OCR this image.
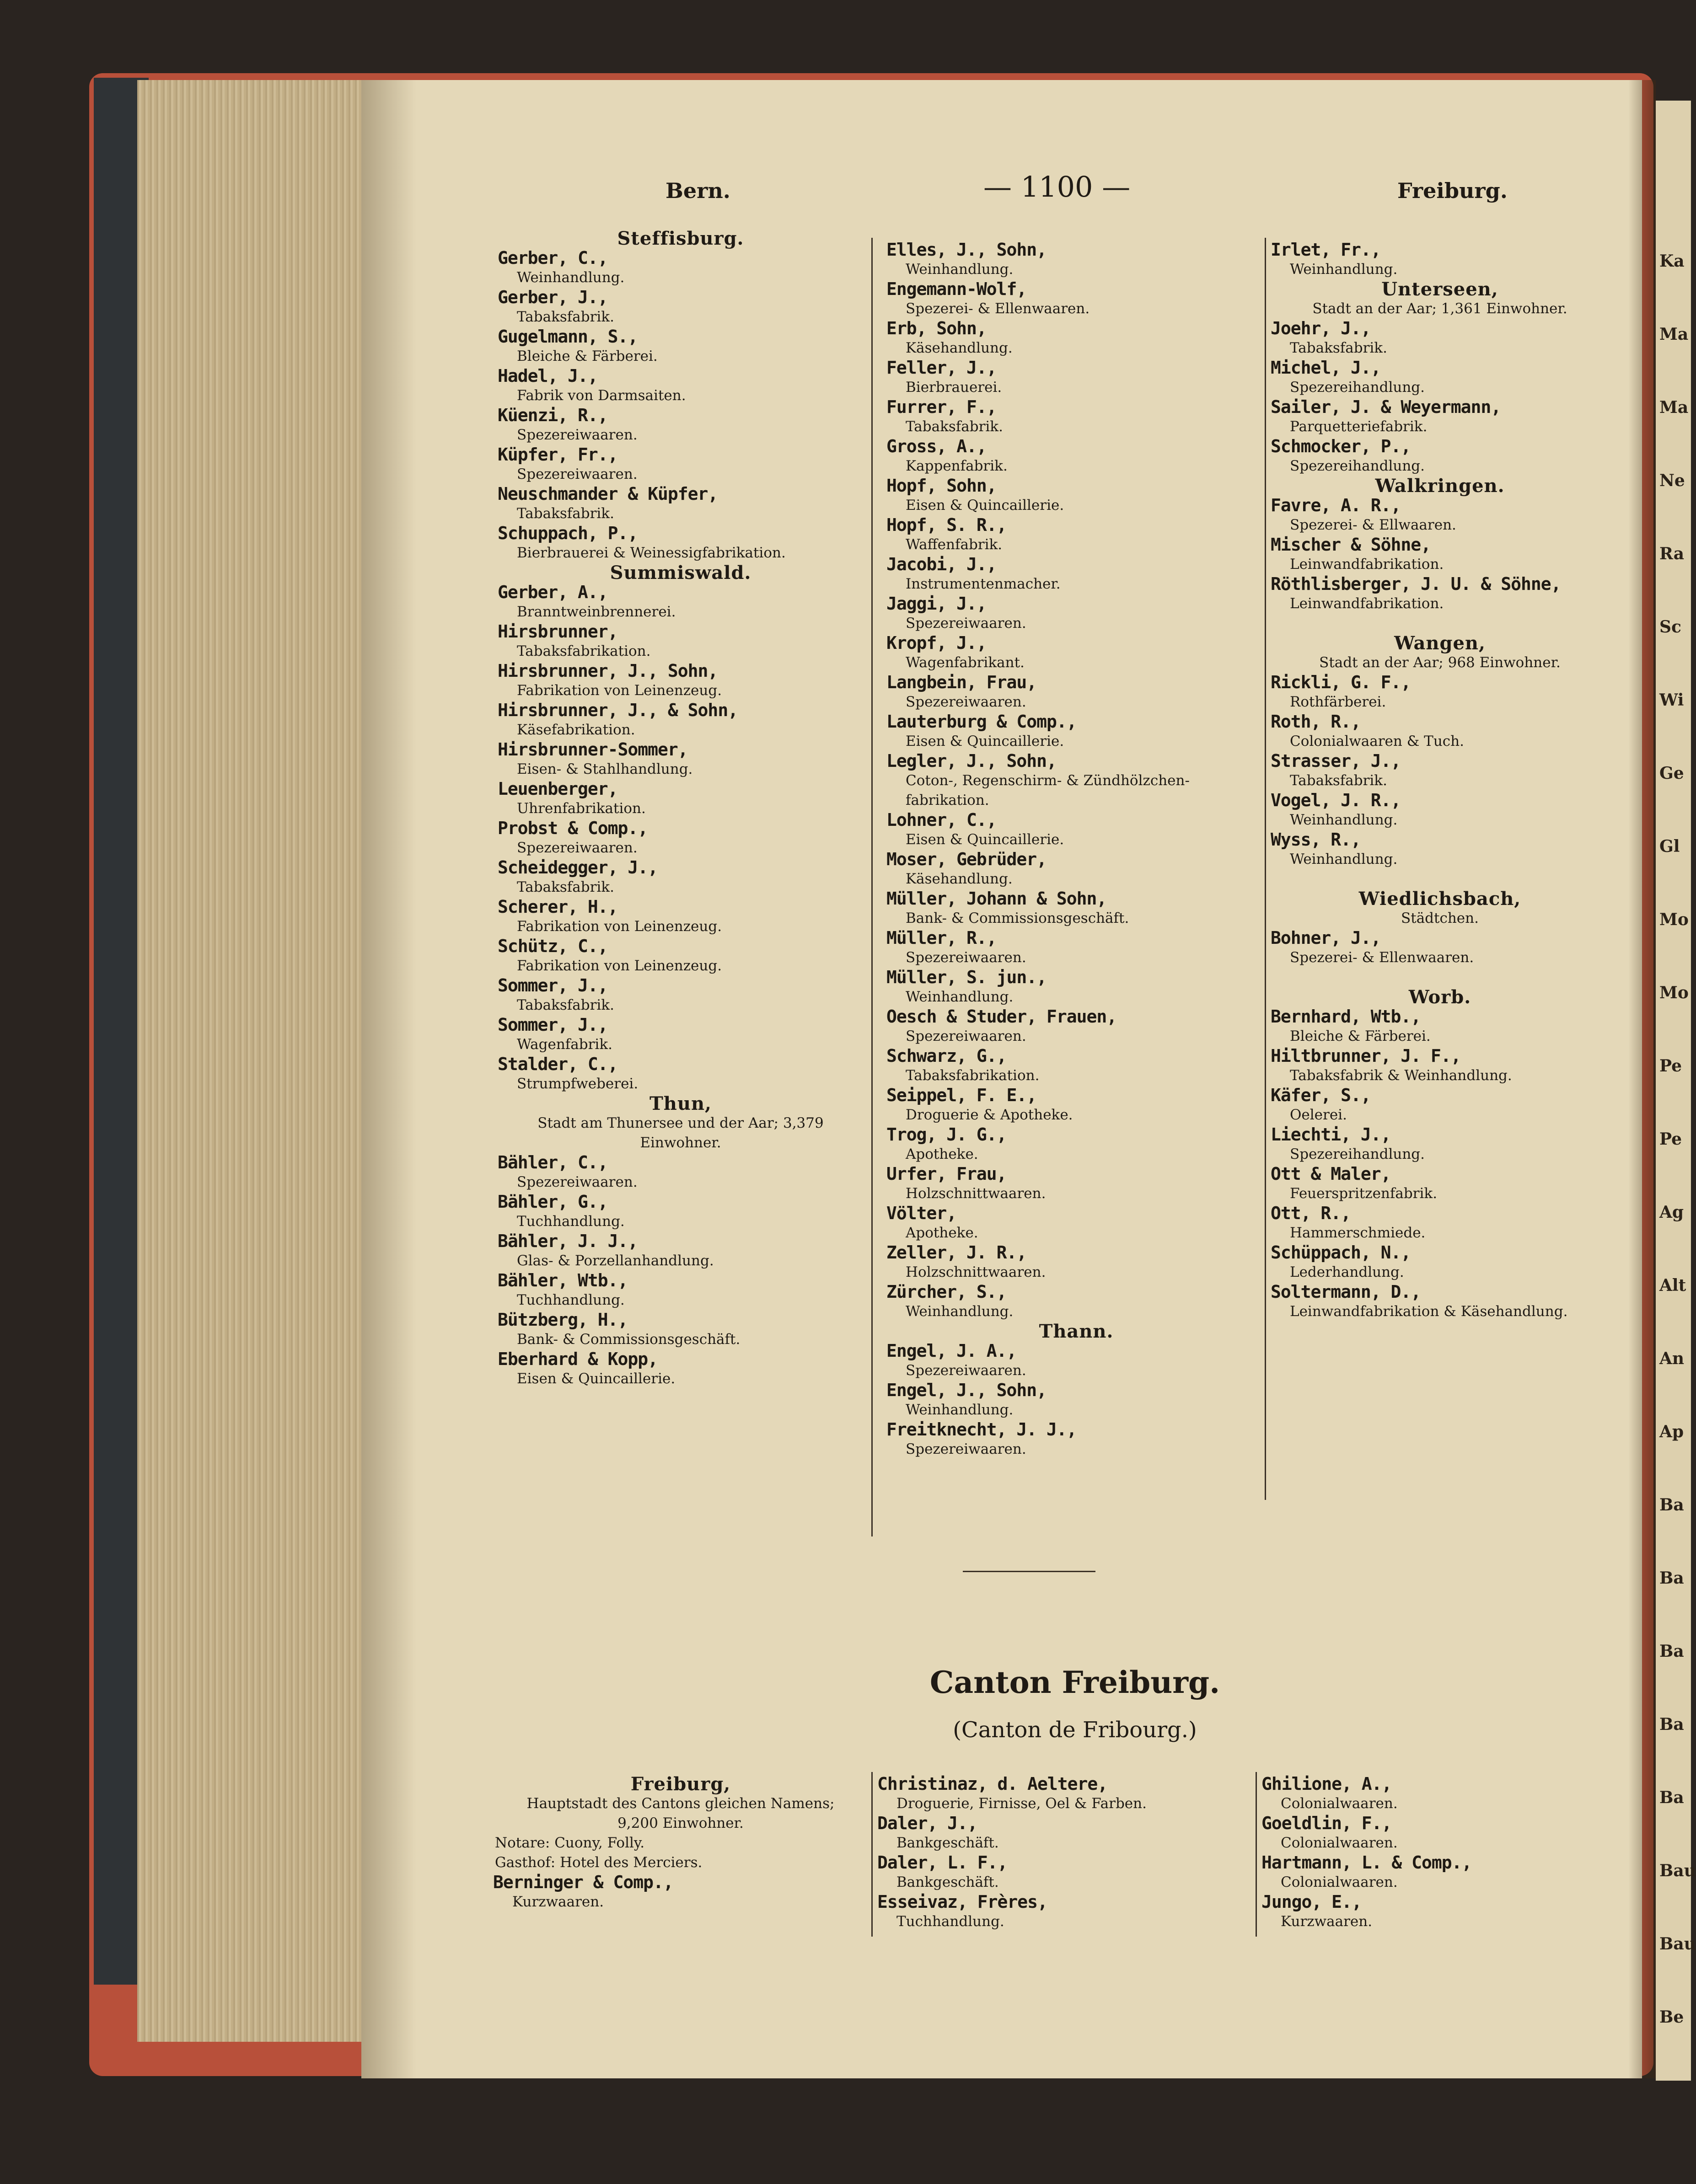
Ka
Ma
Ma
Ne
Ra
Sc
Wi
Ge
Gl
Mo
Mo
Pe
Pe
Ag
Alt
An
Ap
Ba
Ba
Ba
Ba
Ba
Bau
Bau
Be
Bern.	— 1100 —	Freiburg.
Steffisburg.
Gerber, C.,
Weinhandlung.
Gerber, J.,
Tabaksfabrik.
Gugelmann, S.,
Bleiche & Färberei.
Hadel, J.,
Fabrik von Darmsaiten.
Küenzi, R.,
Spezereiwaaren.
Küpfer, Fr.,
Spezereiwaaren.
Neuschmander & Küpfer,
Tabaksfabrik.
Schuppach, P.,
Bierbrauerei & Weinessigfabrikation.
Summiswald.
Gerber, A.,
Branntweinbrennerei.
Hirsbrunner,
Tabaksfabrikation.
Hirsbrunner, J., Sohn,
Fabrikation von Leinenzeug.
Hirsbrunner, J., & Sohn,
Käsefabrikation.
Hirsbrunner-Sommer,
Eisen- & Stahlhandlung.
Leuenberger,
Uhrenfabrikation.
Probst & Comp.,
Spezereiwaaren.
Scheidegger, J.,
Tabaksfabrik.
Scherer, H.,
Fabrikation von Leinenzeug.
Schütz, C.,
Fabrikation von Leinenzeug.
Sommer, J.,
Tabaksfabrik.
Sommer, J.,
Wagenfabrik.
Stalder, C.,
Strumpfweberei.
Thun,
Stadt am Thunersee und der Aar; 3,379
Einwohner.
Bähler, C.,
Spezereiwaaren.
Bähler, G.,
Tuchhandlung.
Bähler, J. J.,
Glas- & Porzellanhandlung.
Bähler, Wtb.,
Tuchhandlung.
Bützberg, H.,
Bank- & Commissionsgeschäft.
Eberhard & Kopp,
Eisen & Quincaillerie.
Elles, J., Sohn,
Weinhandlung.
Engemann-Wolf,
Spezerei- & Ellenwaaren.
Erb, Sohn,
Käsehandlung.
Feller, J.,
Bierbrauerei.
Furrer, F.,
Tabaksfabrik.
Gross, A.,
Kappenfabrik.
Hopf, Sohn,
Eisen & Quincaillerie.
Hopf, S. R.,
Waffenfabrik.
Jacobi, J.,
Instrumentenmacher.
Jaggi, J.,
Spezereiwaaren.
Kropf, J.,
Wagenfabrikant.
Langbein, Frau,
Spezereiwaaren.
Lauterburg & Comp.,
Eisen & Quincaillerie.
Legler, J., Sohn,
Coton-, Regenschirm- & Zündhölzchen-
fabrikation.
Lohner, C.,
Eisen & Quincaillerie.
Moser, Gebrüder,
Käsehandlung.
Müller, Johann & Sohn,
Bank- & Commissionsgeschäft.
Müller, R.,
Spezereiwaaren.
Müller, S. jun.,
Weinhandlung.
Oesch & Studer, Frauen,
Spezereiwaaren.
Schwarz, G.,
Tabaksfabrikation.
Seippel, F. E.,
Droguerie & Apotheke.
Trog, J. G.,
Apotheke.
Urfer, Frau,
Holzschnittwaaren.
Völter,
Apotheke.
Zeller, J. R.,
Holzschnittwaaren.
Zürcher, S.,
Weinhandlung.
Thann.
Engel, J. A.,
Spezereiwaaren.
Engel, J., Sohn,
Weinhandlung.
Freitknecht, J. J.,
Spezereiwaaren.
Irlet, Fr.,
Weinhandlung.
Unterseen,
Stadt an der Aar; 1,361 Einwohner.
Joehr, J.,
Tabaksfabrik.
Michel, J.,
Spezereihandlung.
Sailer, J. & Weyermann,
Parquetteriefabrik.
Schmocker, P.,
Spezereihandlung.
Walkringen.
Favre, A. R.,
Spezerei- & Ellwaaren.
Mischer & Söhne,
Leinwandfabrikation.
Röthlisberger, J. U. & Söhne,
Leinwandfabrikation.
Wangen,
Stadt an der Aar; 968 Einwohner.
Rickli, G. F.,
Rothfärberei.
Roth, R.,
Colonialwaaren & Tuch.
Strasser, J.,
Tabaksfabrik.
Vogel, J. R.,
Weinhandlung.
Wyss, R.,
Weinhandlung.
Wiedlichsbach,
Städtchen.
Bohner, J.,
Spezerei- & Ellenwaaren.
Worb.
Bernhard, Wtb.,
Bleiche & Färberei.
Hiltbrunner, J. F.,
Tabaksfabrik & Weinhandlung.
Käfer, S.,
Oelerei.
Liechti, J.,
Spezereihandlung.
Ott & Maler,
Feuerspritzenfabrik.
Ott, R.,
Hammerschmiede.
Schüppach, N.,
Lederhandlung.
Soltermann, D.,
Leinwandfabrikation & Käsehandlung.
Canton Freiburg.
(Canton de Fribourg.)
Freiburg,
Hauptstadt des Cantons gleichen Namens;
9,200 Einwohner.
Notare: Cuony, Folly.
Gasthof: Hotel des Merciers.
Berninger & Comp.,
Kurzwaaren.
Christinaz, d. Aeltere,
Droguerie, Firnisse, Oel & Farben.
Daler, J.,
Bankgeschäft.
Daler, L. F.,
Bankgeschäft.
Esseivaz, Frères,
Tuchhandlung.
Ghilione, A.,
Colonialwaaren.
Goeldlin, F.,
Colonialwaaren.
Hartmann, L. & Comp.,
Colonialwaaren.
Jungo, E.,
Kurzwaaren.
